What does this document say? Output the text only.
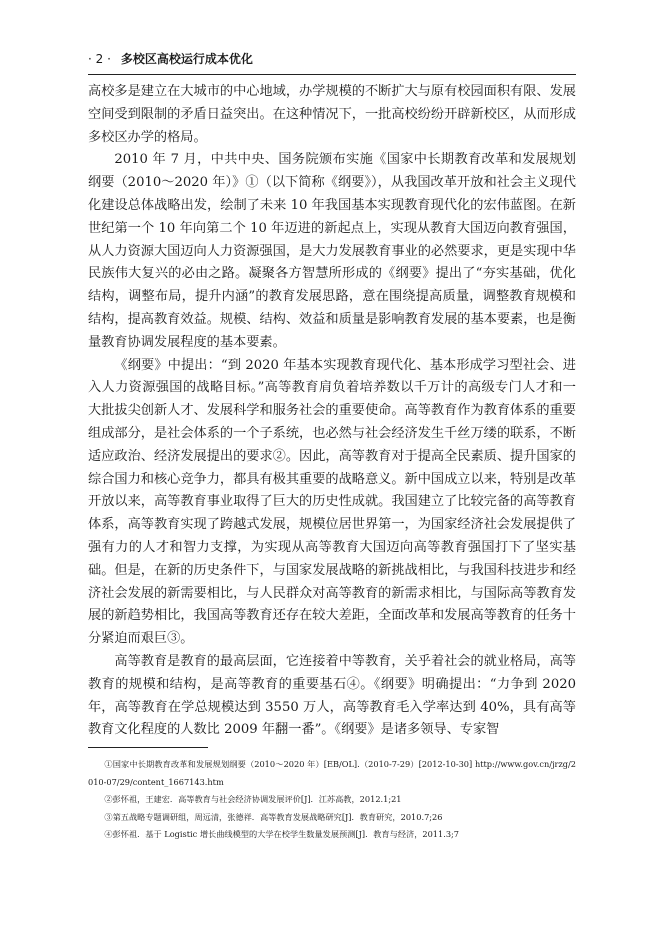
· 2 · 多校区高校运行成本优化

高校多是建立在大城市的中心地域，办学规模的不断扩大与原有校园面积有限、发展空间受到限制的矛盾日益突出。在这种情况下，一批高校纷纷开辟新校区，从而形成多校区办学的格局。

2010 年 7 月，中共中央、国务院颁布实施《国家中长期教育改革和发展规划纲要（2010～2020 年）》①（以下简称《纲要》），从我国改革开放和社会主义现代化建设总体战略出发，绘制了未来 10 年我国基本实现教育现代化的宏伟蓝图。在新世纪第一个 10 年向第二个 10 年迈进的新起点上，实现从教育大国迈向教育强国，从人力资源大国迈向人力资源强国，是大力发展教育事业的必然要求，更是实现中华民族伟大复兴的必由之路。凝聚各方智慧所形成的《纲要》提出了“夯实基础，优化结构，调整布局，提升内涵”的教育发展思路，意在围绕提高质量，调整教育规模和结构，提高教育效益。规模、结构、效益和质量是影响教育发展的基本要素，也是衡量教育协调发展程度的基本要素。

《纲要》中提出：“到 2020 年基本实现教育现代化、基本形成学习型社会、进入人力资源强国的战略目标。”高等教育肩负着培养数以千万计的高级专门人才和一大批拔尖创新人才、发展科学和服务社会的重要使命。高等教育作为教育体系的重要组成部分，是社会体系的一个子系统，也必然与社会经济发生千丝万缕的联系，不断适应政治、经济发展提出的要求②。因此，高等教育对于提高全民素质、提升国家的综合国力和核心竞争力，都具有极其重要的战略意义。新中国成立以来，特别是改革开放以来，高等教育事业取得了巨大的历史性成就。我国建立了比较完备的高等教育体系，高等教育实现了跨越式发展，规模位居世界第一，为国家经济社会发展提供了强有力的人才和智力支撑，为实现从高等教育大国迈向高等教育强国打下了坚实基础。但是，在新的历史条件下，与国家发展战略的新挑战相比，与我国科技进步和经济社会发展的新需要相比，与人民群众对高等教育的新需求相比，与国际高等教育发展的新趋势相比，我国高等教育还存在较大差距，全面改革和发展高等教育的任务十分紧迫而艰巨③。

高等教育是教育的最高层面，它连接着中等教育，关乎着社会的就业格局，高等教育的规模和结构，是高等教育的重要基石④。《纲要》明确提出：“力争到 2020 年，高等教育在学总规模达到 3550 万人，高等教育毛入学率达到 40%，具有高等教育文化程度的人数比 2009 年翻一番”。《纲要》是诸多领导、专家智

①国家中长期教育改革和发展规划纲要（2010～2020 年）[EB/OL].（2010-7-29）[2012-10-30] http://www.gov.cn/jrzg/2010-07/29/content_1667143.htm

②彭怀祖，王建宏．高等教育与社会经济协调发展评价[J]．江苏高教，2012.1;21

③第五战略专题调研组，周远清，张德祥．高等教育发展战略研究[J]．教育研究，2010.7;26

④彭怀祖．基于 Logistic 增长曲线模型的大学在校学生数量发展预测[J]．教育与经济，2011.3;7
